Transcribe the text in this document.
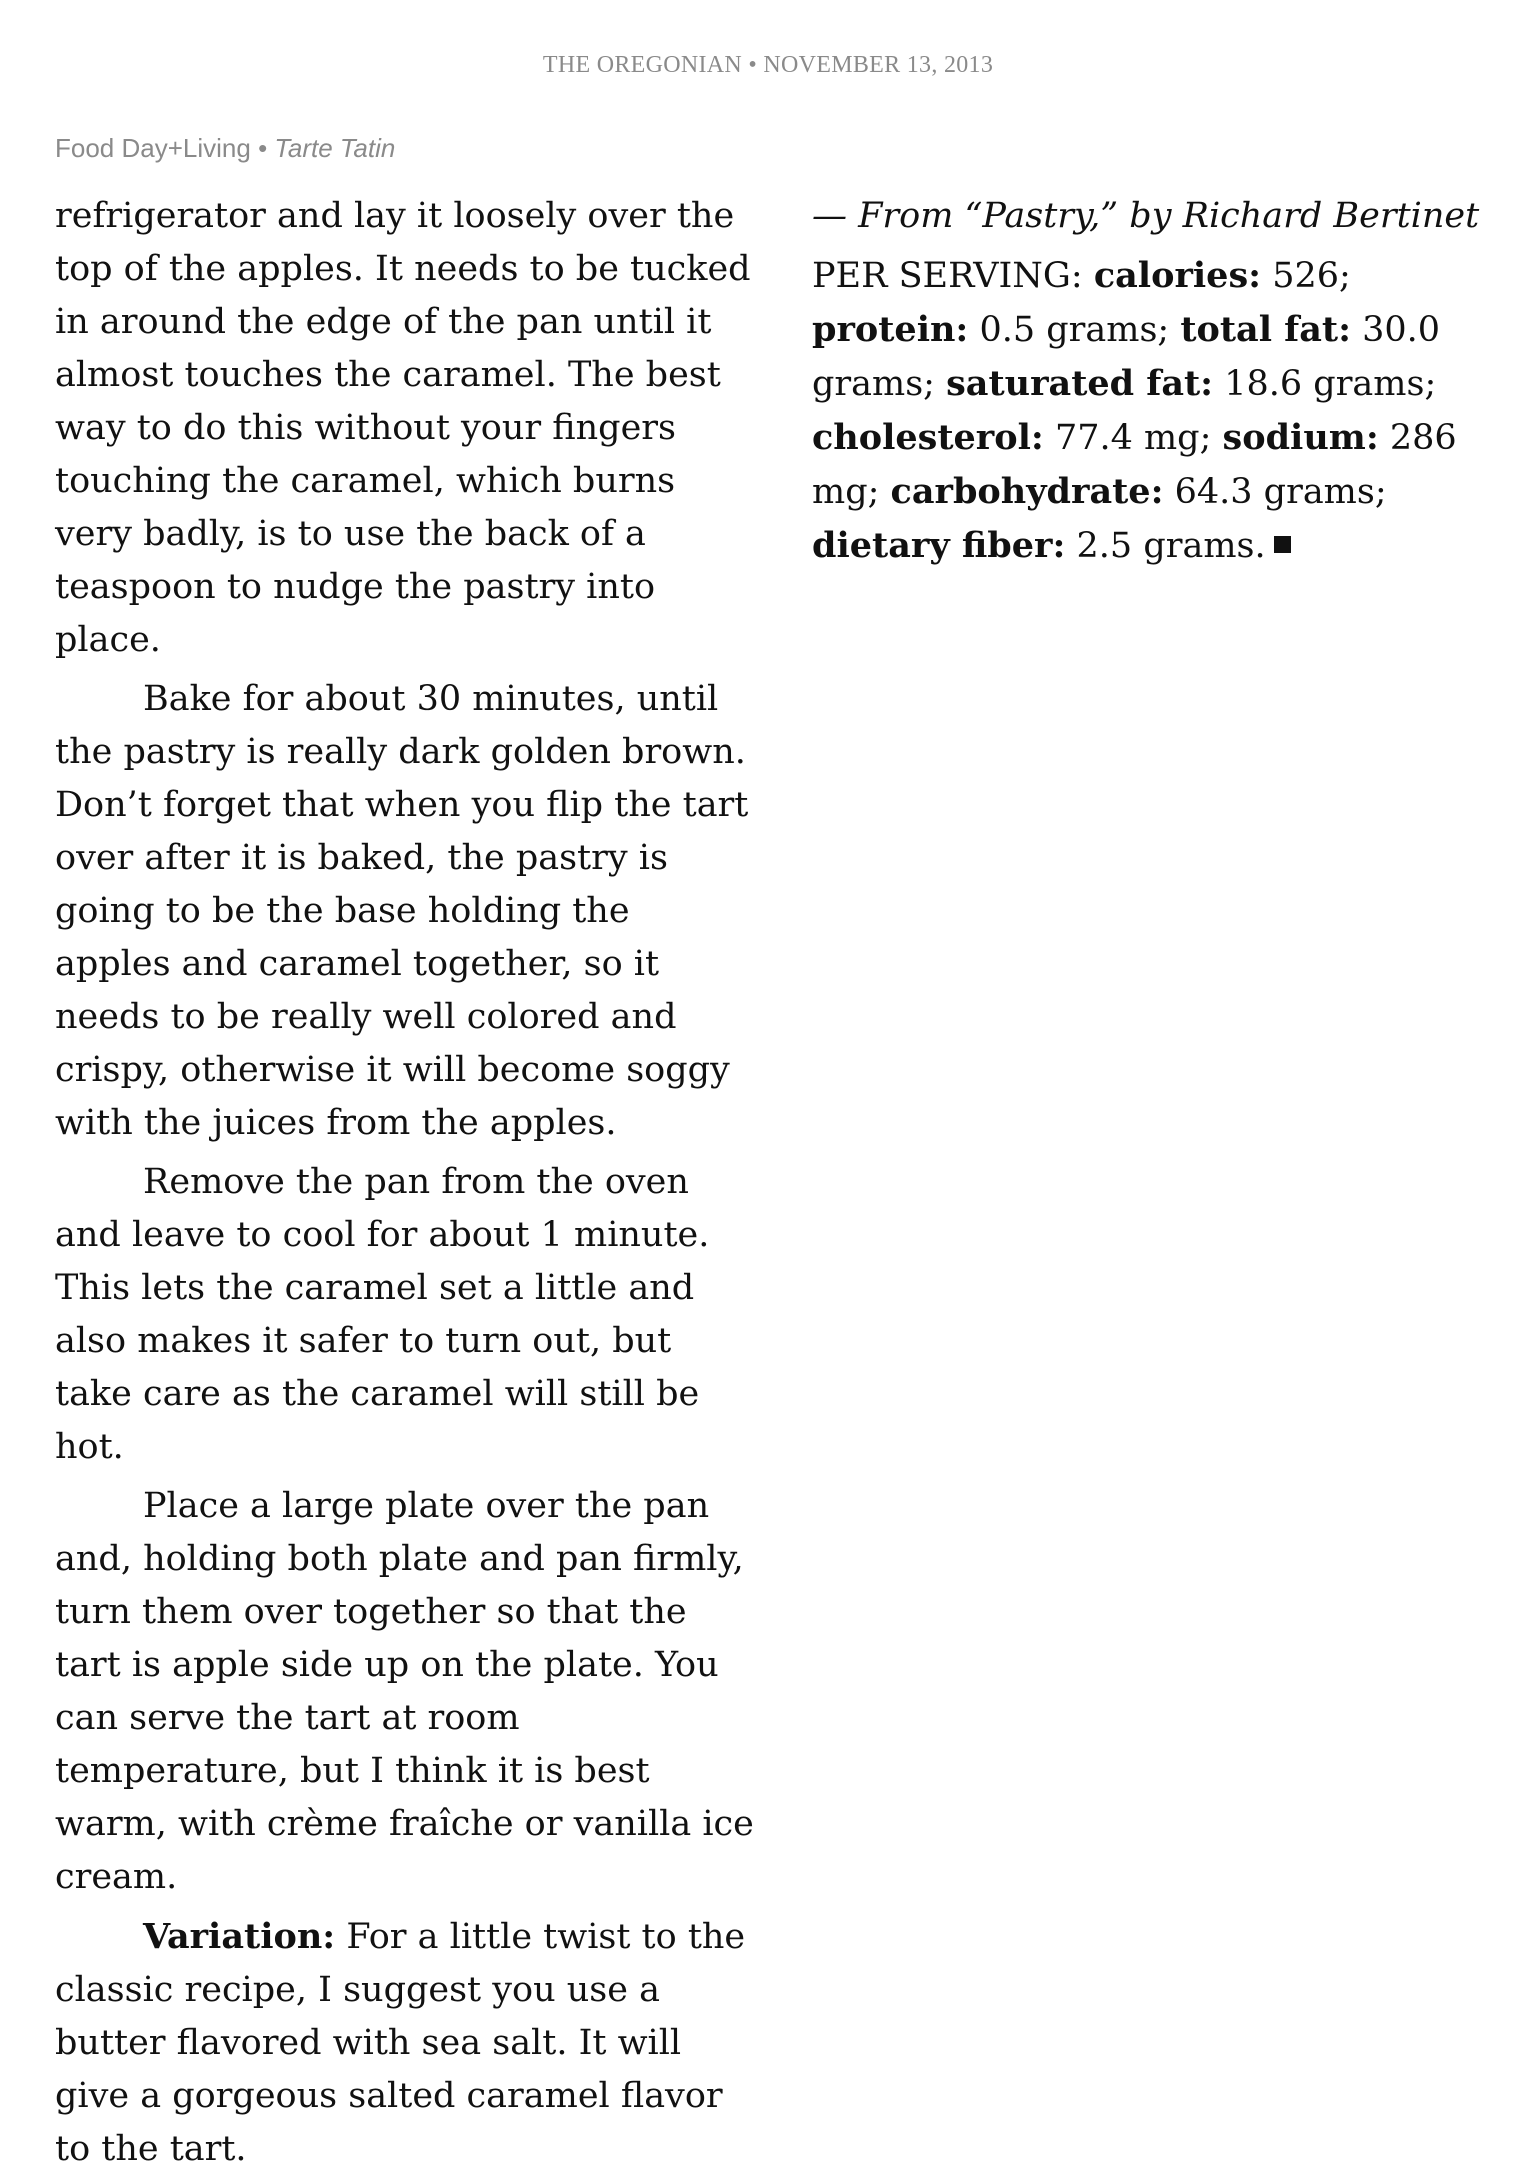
THE OREGONIAN • NOVEMBER 13, 2013
Food Day+Living • Tarte Tatin

refrigerator and lay it loosely over the top of the apples. It needs to be tucked in around the edge of the pan until it almost touches the caramel. The best way to do this without your fingers touching the caramel, which burns very badly, is to use the back of a teaspoon to nudge the pastry into place.

Bake for about 30 minutes, until the pastry is really dark golden brown. Don’t forget that when you flip the tart over after it is baked, the pastry is going to be the base holding the apples and caramel together, so it needs to be really well colored and crispy, otherwise it will become soggy with the juices from the apples.

Remove the pan from the oven and leave to cool for about 1 minute. This lets the caramel set a little and also makes it safer to turn out, but take care as the caramel will still be hot.

Place a large plate over the pan and, holding both plate and pan firmly, turn them over together so that the tart is apple side up on the plate. You can serve the tart at room temperature, but I think it is best warm, with crème fraîche or vanilla ice cream.

Variation: For a little twist to the classic recipe, I suggest you use a butter flavored with sea salt. It will give a gorgeous salted caramel flavor to the tart.

— From “Pastry,” by Richard Bertinet

PER SERVING: calories: 526; protein: 0.5 grams; total fat: 30.0 grams; saturated fat: 18.6 grams; cholesterol: 77.4 mg; sodium: 286 mg; carbohydrate: 64.3 grams; dietary fiber: 2.5 grams.
